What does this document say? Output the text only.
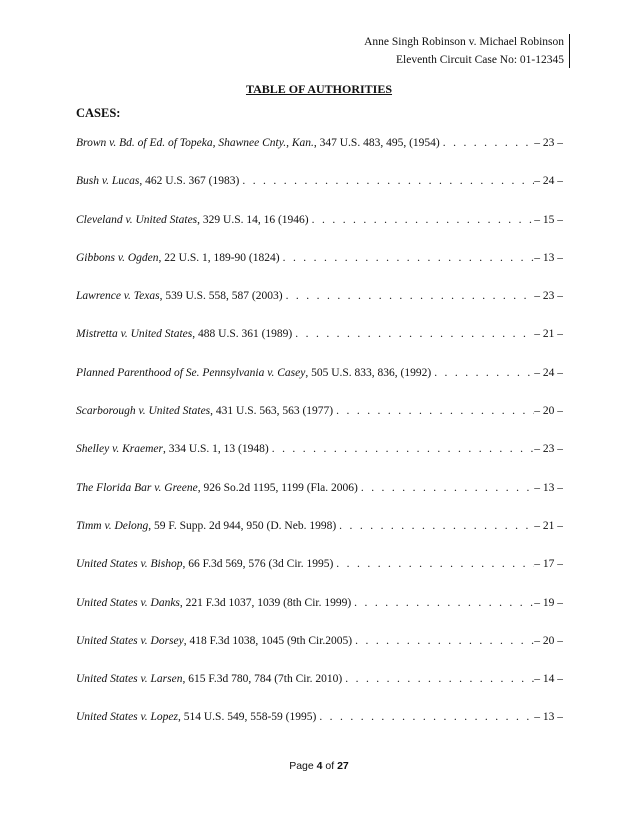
Anne Singh Robinson v. Michael Robinson
Eleventh Circuit Case No: 01-12345
TABLE OF AUTHORITIES
CASES:
Brown v. Bd. of Ed. of Topeka, Shawnee Cnty., Kan., 347 U.S. 483, 495, (1954) . . .	– 23 –
Bush v. Lucas, 462 U.S. 367 (1983) . . .	– 24 –
Cleveland v. United States, 329 U.S. 14, 16 (1946) . . .	– 15 –
Gibbons v. Ogden, 22 U.S. 1, 189-90 (1824) . . .	– 13 –
Lawrence v. Texas, 539 U.S. 558, 587 (2003) . . .	– 23 –
Mistretta v. United States, 488 U.S. 361 (1989) . . .	– 21 –
Planned Parenthood of Se. Pennsylvania v. Casey, 505 U.S. 833, 836, (1992) . . .	– 24 –
Scarborough v. United States, 431 U.S. 563, 563 (1977) . . .	– 20 –
Shelley v. Kraemer, 334 U.S. 1, 13 (1948) . . .	– 23 –
The Florida Bar v. Greene, 926 So.2d 1195, 1199 (Fla. 2006) . . .	– 13 –
Timm v. Delong, 59 F. Supp. 2d 944, 950 (D. Neb. 1998) . . .	– 21 –
United States v. Bishop, 66 F.3d 569, 576 (3d Cir. 1995) . . .	– 17 –
United States v. Danks, 221 F.3d 1037, 1039 (8th Cir. 1999) . . .	– 19 –
United States v. Dorsey, 418 F.3d 1038, 1045 (9th Cir.2005) . . .	– 20 –
United States v. Larsen, 615 F.3d 780, 784 (7th Cir. 2010) . . .	– 14 –
United States v. Lopez, 514 U.S. 549, 558-59 (1995) . . .	– 13 –
Page 4 of 27
